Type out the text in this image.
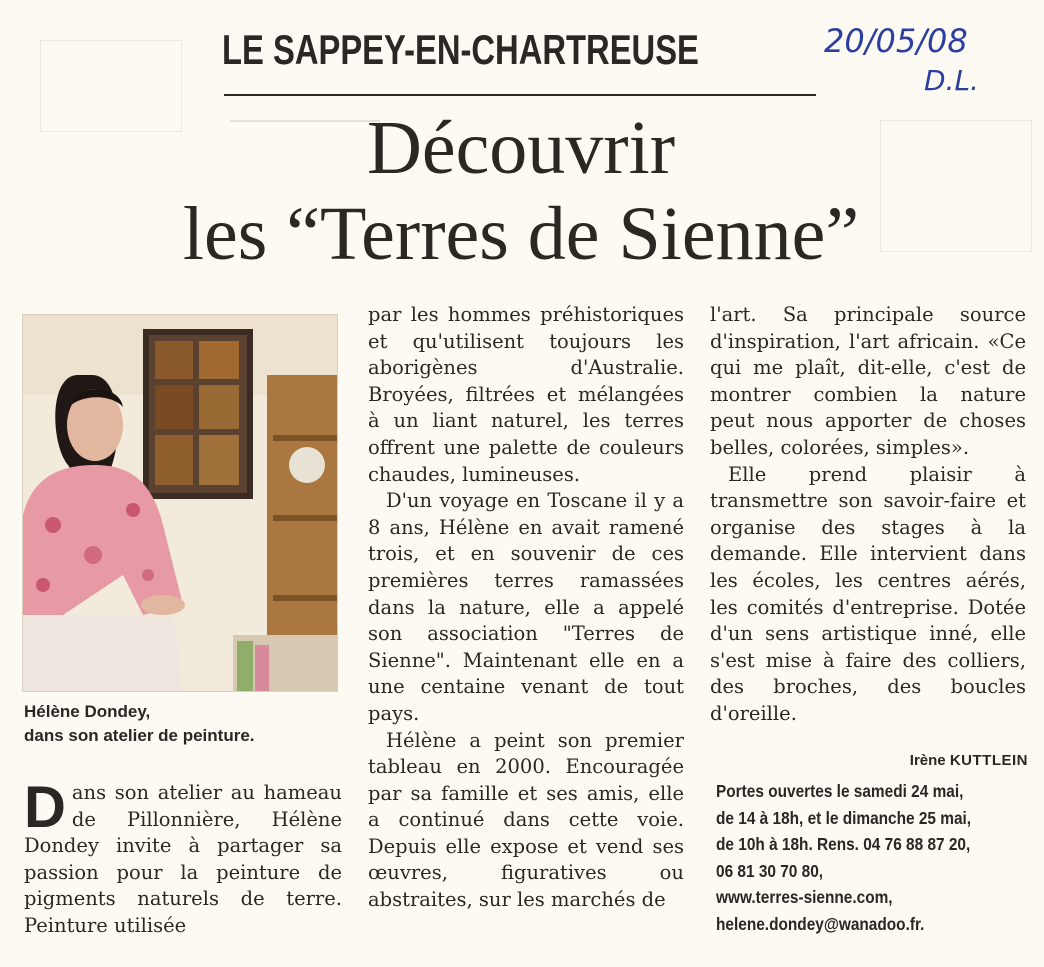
LE SAPPEY-EN-CHARTREUSE	20/05/08
D.L.
Découvrir
les “Terres de Sienne”
Hélène Dondey,
dans son atelier de peinture.

Dans son atelier au hameau de Pillonnière, Hélène Dondey invite à partager sa passion pour la peinture de pigments naturels de terre. Peinture utilisée

par les hommes préhistoriques et qu'utilisent toujours les aborigènes d'Australie. Broyées, filtrées et mélangées à un liant naturel, les terres offrent une palette de couleurs chaudes, lumineuses.

D'un voyage en Toscane il y a 8 ans, Hélène en avait ramené trois, et en souvenir de ces premières terres ramassées dans la nature, elle a appelé son association "Terres de Sienne". Maintenant elle en a une centaine venant de tout pays.

Hélène a peint son premier tableau en 2000. Encouragée par sa famille et ses amis, elle a continué dans cette voie. Depuis elle expose et vend ses œuvres, figuratives ou abstraites, sur les marchés de

l'art. Sa principale source d'inspiration, l'art africain. «Ce qui me plaît, dit-elle, c'est de montrer combien la nature peut nous apporter de choses belles, colorées, simples».

Elle prend plaisir à transmettre son savoir-faire et organise des stages à la demande. Elle intervient dans les écoles, les centres aérés, les comités d'entreprise. Dotée d'un sens artistique inné, elle s'est mise à faire des colliers, des broches, des boucles d'oreille.

Irène KUTTLEIN
Portes ouvertes le samedi 24 mai,
de 14 à 18h, et le dimanche 25 mai,
de 10h à 18h. Rens. 04 76 88 87 20,
06 81 30 70 80,
www.terres-sienne.com,
helene.dondey@wanadoo.fr.
